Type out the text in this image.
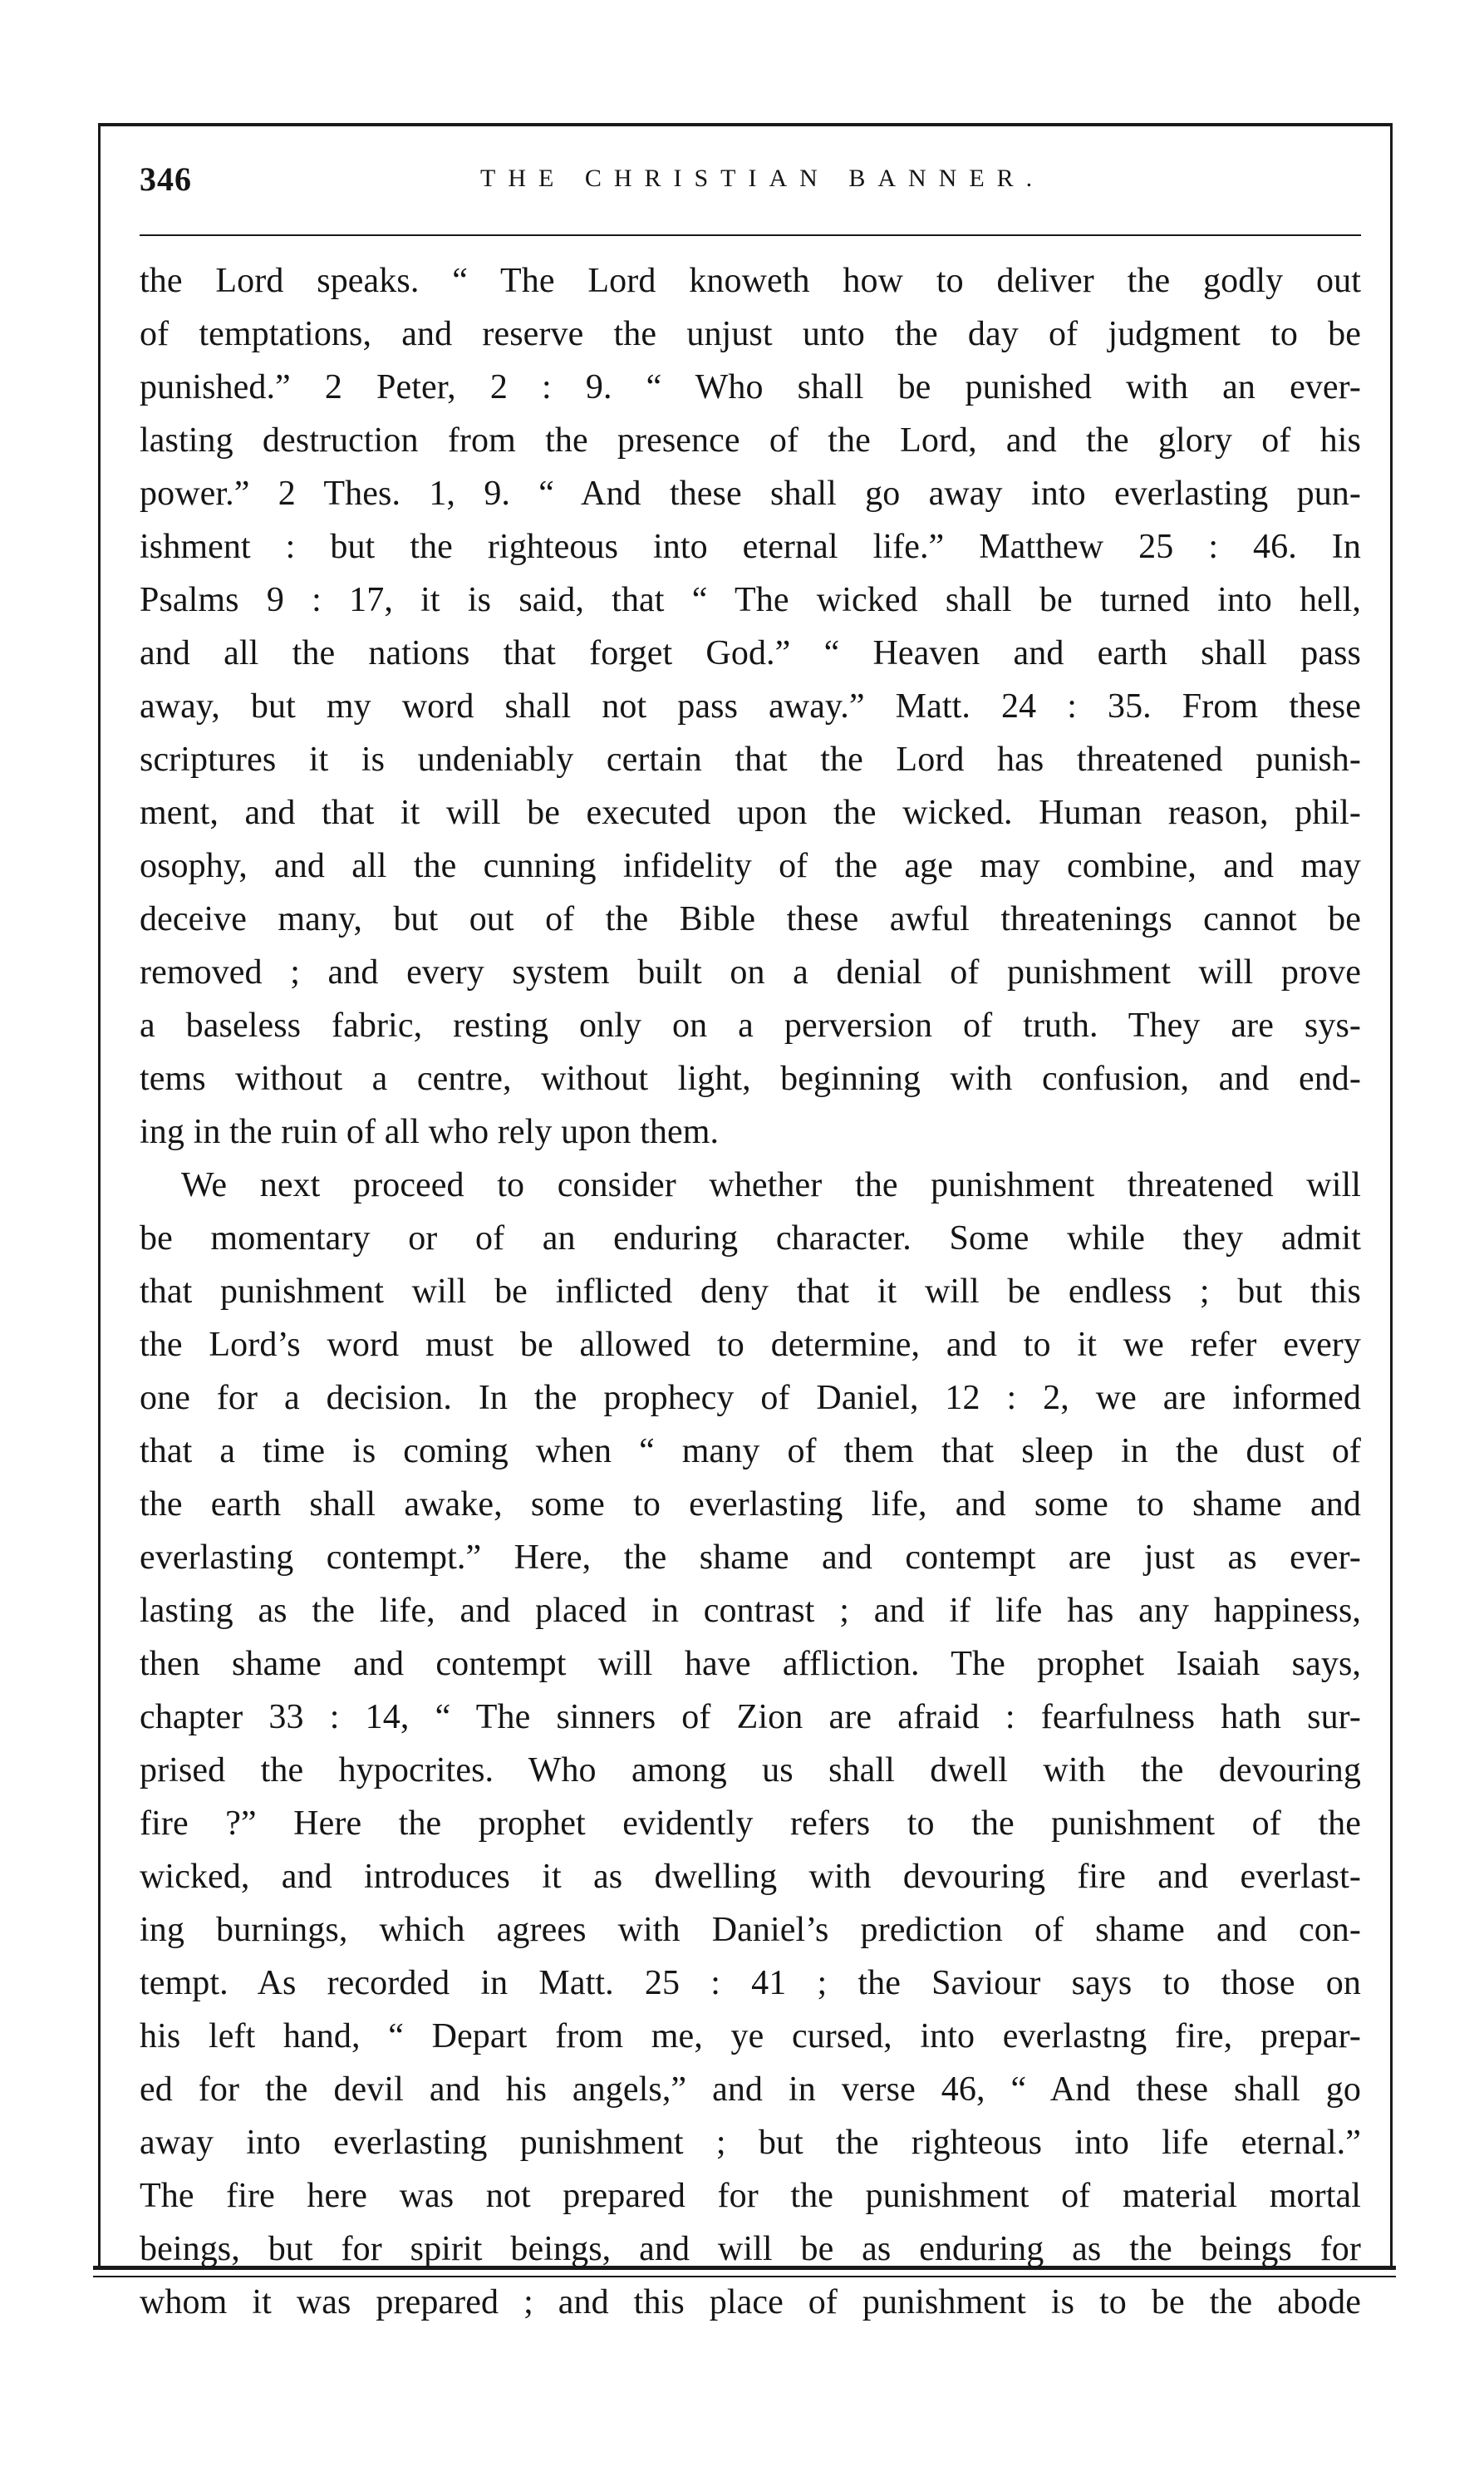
346	THE CHRISTIAN BANNER.
the Lord speaks. “ The Lord knoweth how to deliver the godly out
of temptations, and reserve the unjust unto the day of judgment to be
punished.” 2 Peter, 2 : 9. “ Who shall be punished with an ever-
lasting destruction from the presence of the Lord, and the glory of his
power.” 2 Thes. 1, 9. “ And these shall go away into everlasting pun-
ishment : but the righteous into eternal life.” Matthew 25 : 46. In
Psalms 9 : 17, it is said, that “ The wicked shall be turned into hell,
and all the nations that forget God.” “ Heaven and earth shall pass
away, but my word shall not pass away.” Matt. 24 : 35. From these
scriptures it is undeniably certain that the Lord has threatened punish-
ment, and that it will be executed upon the wicked. Human reason, phil-
osophy, and all the cunning infidelity of the age may combine, and may
deceive many, but out of the Bible these awful threatenings cannot be
removed ; and every system built on a denial of punishment will prove
a baseless fabric, resting only on a perversion of truth. They are sys-
tems without a centre, without light, beginning with confusion, and end-
ing in the ruin of all who rely upon them.
We next proceed to consider whether the punishment threatened will
be momentary or of an enduring character. Some while they admit
that punishment will be inflicted deny that it will be endless ; but this
the Lord’s word must be allowed to determine, and to it we refer every
one for a decision. In the prophecy of Daniel, 12 : 2, we are informed
that a time is coming when “ many of them that sleep in the dust of
the earth shall awake, some to everlasting life, and some to shame and
everlasting contempt.” Here, the shame and contempt are just as ever-
lasting as the life, and placed in contrast ; and if life has any happiness,
then shame and contempt will have affliction. The prophet Isaiah says,
chapter 33 : 14, “ The sinners of Zion are afraid : fearfulness hath sur-
prised the hypocrites. Who among us shall dwell with the devouring
fire ?” Here the prophet evidently refers to the punishment of the
wicked, and introduces it as dwelling with devouring fire and everlast-
ing burnings, which agrees with Daniel’s prediction of shame and con-
tempt. As recorded in Matt. 25 : 41 ; the Saviour says to those on
his left hand, “ Depart from me, ye cursed, into everlastng fire, prepar-
ed for the devil and his angels,” and in verse 46, “ And these shall go
away into everlasting punishment ; but the righteous into life eternal.”
The fire here was not prepared for the punishment of material mortal
beings, but for spirit beings, and will be as enduring as the beings for
whom it was prepared ; and this place of punishment is to be the abode
